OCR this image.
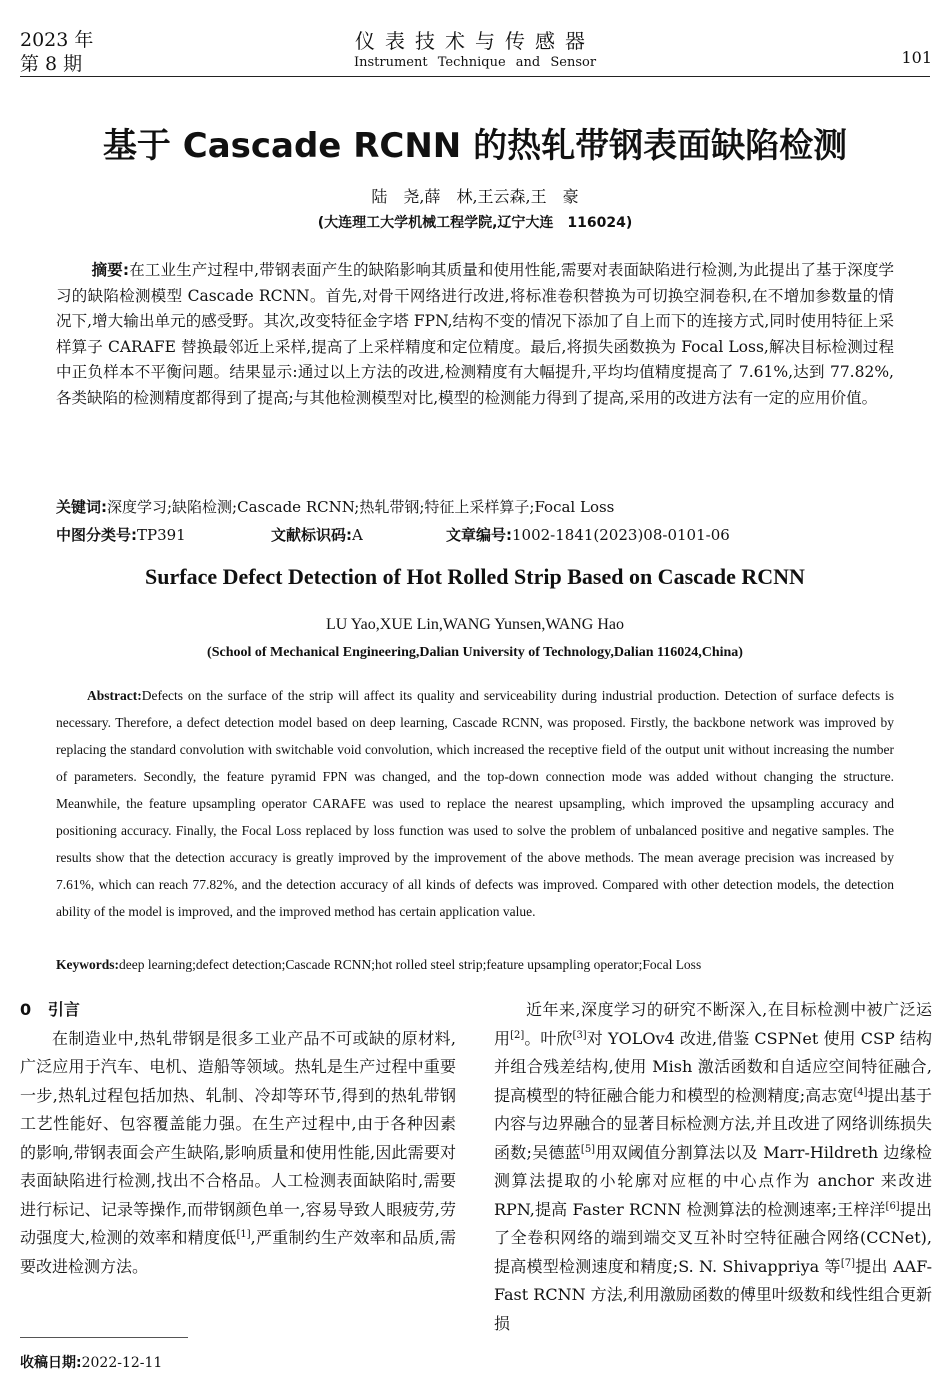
2023 年
第 8 期
仪表技术与传感器
Instrument Technique and Sensor	101
基于 Cascade RCNN 的热轧带钢表面缺陷检测
陆　尧,薛　林,王云森,王　豪
(大连理工大学机械工程学院,辽宁大连　116024)
摘要:在工业生产过程中,带钢表面产生的缺陷影响其质量和使用性能,需要对表面缺陷进行检测,为此提出了基于深度学习的缺陷检测模型 Cascade RCNN。首先,对骨干网络进行改进,将标准卷积替换为可切换空洞卷积,在不增加参数量的情况下,增大输出单元的感受野。其次,改变特征金字塔 FPN,结构不变的情况下添加了自上而下的连接方式,同时使用特征上采样算子 CARAFE 替换最邻近上采样,提高了上采样精度和定位精度。最后,将损失函数换为 Focal Loss,解决目标检测过程中正负样本不平衡问题。结果显示:通过以上方法的改进,检测精度有大幅提升,平均均值精度提高了 7.61%,达到 77.82%,各类缺陷的检测精度都得到了提高;与其他检测模型对比,模型的检测能力得到了提高,采用的改进方法有一定的应用价值。
关键词:深度学习;缺陷检测;Cascade RCNN;热轧带钢;特征上采样算子;Focal Loss
中图分类号:TP391	文献标识码:A	文章编号:1002-1841(2023)08-0101-06
Surface Defect Detection of Hot Rolled Strip Based on Cascade RCNN
LU Yao,XUE Lin,WANG Yunsen,WANG Hao
(School of Mechanical Engineering,Dalian University of Technology,Dalian 116024,China)
Abstract:Defects on the surface of the strip will affect its quality and serviceability during industrial production. Detection of surface defects is necessary. Therefore, a defect detection model based on deep learning, Cascade RCNN, was proposed. Firstly, the backbone network was improved by replacing the standard convolution with switchable void convolution, which increased the receptive field of the output unit without increasing the number of parameters. Secondly, the feature pyramid FPN was changed, and the top-down connection mode was added without changing the structure. Meanwhile, the feature upsampling operator CARAFE was used to replace the nearest upsampling, which improved the upsampling accuracy and positioning accuracy. Finally, the Focal Loss replaced by loss function was used to solve the problem of unbalanced positive and negative samples. The results show that the detection accuracy is greatly improved by the improvement of the above methods. The mean average precision was increased by 7.61%, which can reach 77.82%, and the detection accuracy of all kinds of defects was improved. Compared with other detection models, the detection ability of the model is improved, and the improved method has certain application value.
Keywords:deep learning;defect detection;Cascade RCNN;hot rolled steel strip;feature upsampling operator;Focal Loss
0 引言

在制造业中,热轧带钢是很多工业产品不可或缺的原材料,广泛应用于汽车、电机、造船等领域。热轧是生产过程中重要一步,热轧过程包括加热、轧制、冷却等环节,得到的热轧带钢工艺性能好、包容覆盖能力强。在生产过程中,由于各种因素的影响,带钢表面会产生缺陷,影响质量和使用性能,因此需要对表面缺陷进行检测,找出不合格品。人工检测表面缺陷时,需要进行标记、记录等操作,而带钢颜色单一,容易导致人眼疲劳,劳动强度大,检测的效率和精度低[1],严重制约生产效率和品质,需要改进检测方法。

近年来,深度学习的研究不断深入,在目标检测中被广泛运用[2]。叶欣[3]对 YOLOv4 改进,借鉴 CSPNet 使用 CSP 结构并组合残差结构,使用 Mish 激活函数和自适应空间特征融合,提高模型的特征融合能力和模型的检测精度;高志宽[4]提出基于内容与边界融合的显著目标检测方法,并且改进了网络训练损失函数;吴德蓝[5]用双阈值分割算法以及 Marr-Hildreth 边缘检测算法提取的小轮廓对应框的中心点作为 anchor 来改进 RPN,提高 Faster RCNN 检测算法的检测速率;王梓洋[6]提出了全卷积网络的端到端交叉互补时空特征融合网络(CCNet),提高模型检测速度和精度;S. N. Shivappriya 等[7]提出 AAF-Fast RCNN 方法,利用激励函数的傅里叶级数和线性组合更新损

收稿日期:2022-12-11
